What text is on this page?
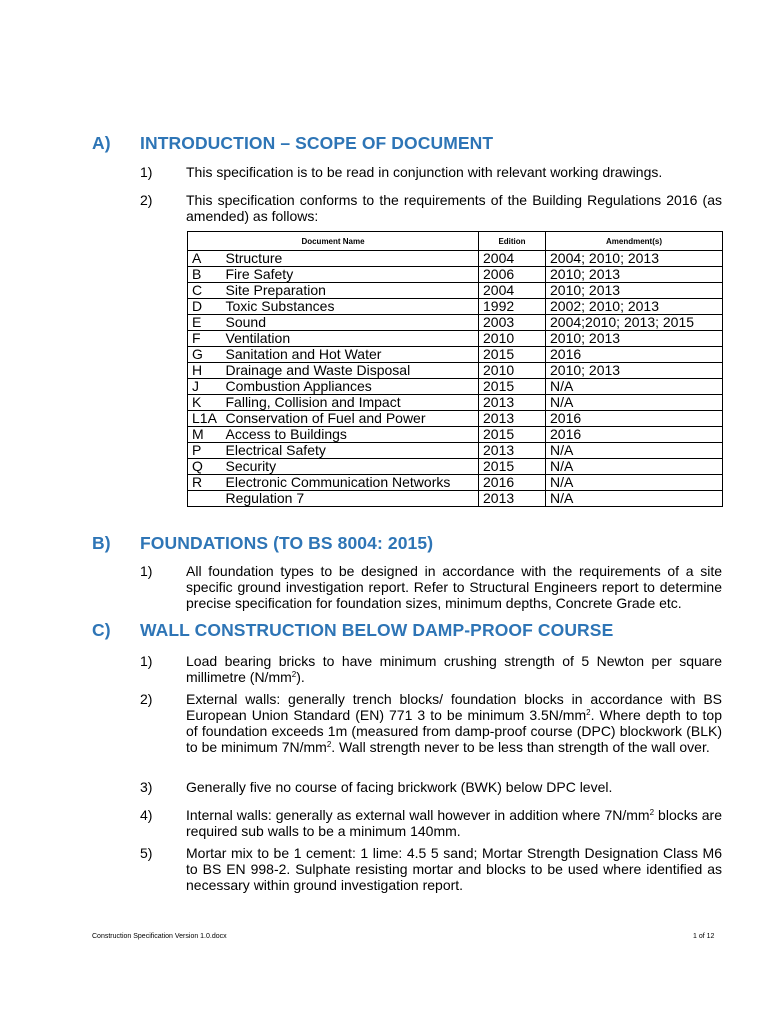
A) INTRODUCTION – SCOPE OF DOCUMENT
1) This specification is to be read in conjunction with relevant working drawings.
2) This specification conforms to the requirements of the Building Regulations 2016 (as amended) as follows:
Document Name		Edition	Amendment(s)
A	Structure	2004	2004; 2010; 2013
B	Fire Safety	2006	2010; 2013
C	Site Preparation	2004	2010; 2013
D	Toxic Substances	1992	2002; 2010; 2013
E	Sound	2003	2004;2010; 2013; 2015
F	Ventilation	2010	2010; 2013
G	Sanitation and Hot Water	2015	2016
H	Drainage and Waste Disposal	2010	2010; 2013
J	Combustion Appliances	2015	N/A
K	Falling, Collision and Impact	2013	N/A
L1A	Conservation of Fuel and Power	2013	2016
M	Access to Buildings	2015	2016
P	Electrical Safety	2013	N/A
Q	Security	2015	N/A
R	Electronic Communication Networks	2016	N/A
	Regulation 7	2013	N/A
B) FOUNDATIONS (TO BS 8004: 2015)
1) All foundation types to be designed in accordance with the requirements of a site specific ground investigation report. Refer to Structural Engineers report to determine precise specification for foundation sizes, minimum depths, Concrete Grade etc.
C) WALL CONSTRUCTION BELOW DAMP-PROOF COURSE
1) Load bearing bricks to have minimum crushing strength of 5 Newton per square millimetre $(N/mm^2)$.
2) External walls: generally trench blocks/ foundation blocks in accordance with BS European Union Standard (EN) 771 3 to be minimum $3.5N/mm^2$. Where depth to top of foundation exceeds 1m (measured from damp-proof course (DPC) blockwork (BLK) to be minimum $7N/mm^2$. Wall strength never to be less than strength of the wall over.
3) Generally five no course of facing brickwork (BWK) below DPC level.
4) Internal walls: generally as external wall however in addition where $7N/mm^2$ blocks are required sub walls to be a minimum 140mm.
5) Mortar mix to be 1 cement: 1 lime: 4.5 5 sand; Mortar Strength Designation Class M6 to BS EN 998-2. Sulphate resisting mortar and blocks to be used where identified as necessary within ground investigation report.
Construction Specification Version 1.0.docx	1 of 12
